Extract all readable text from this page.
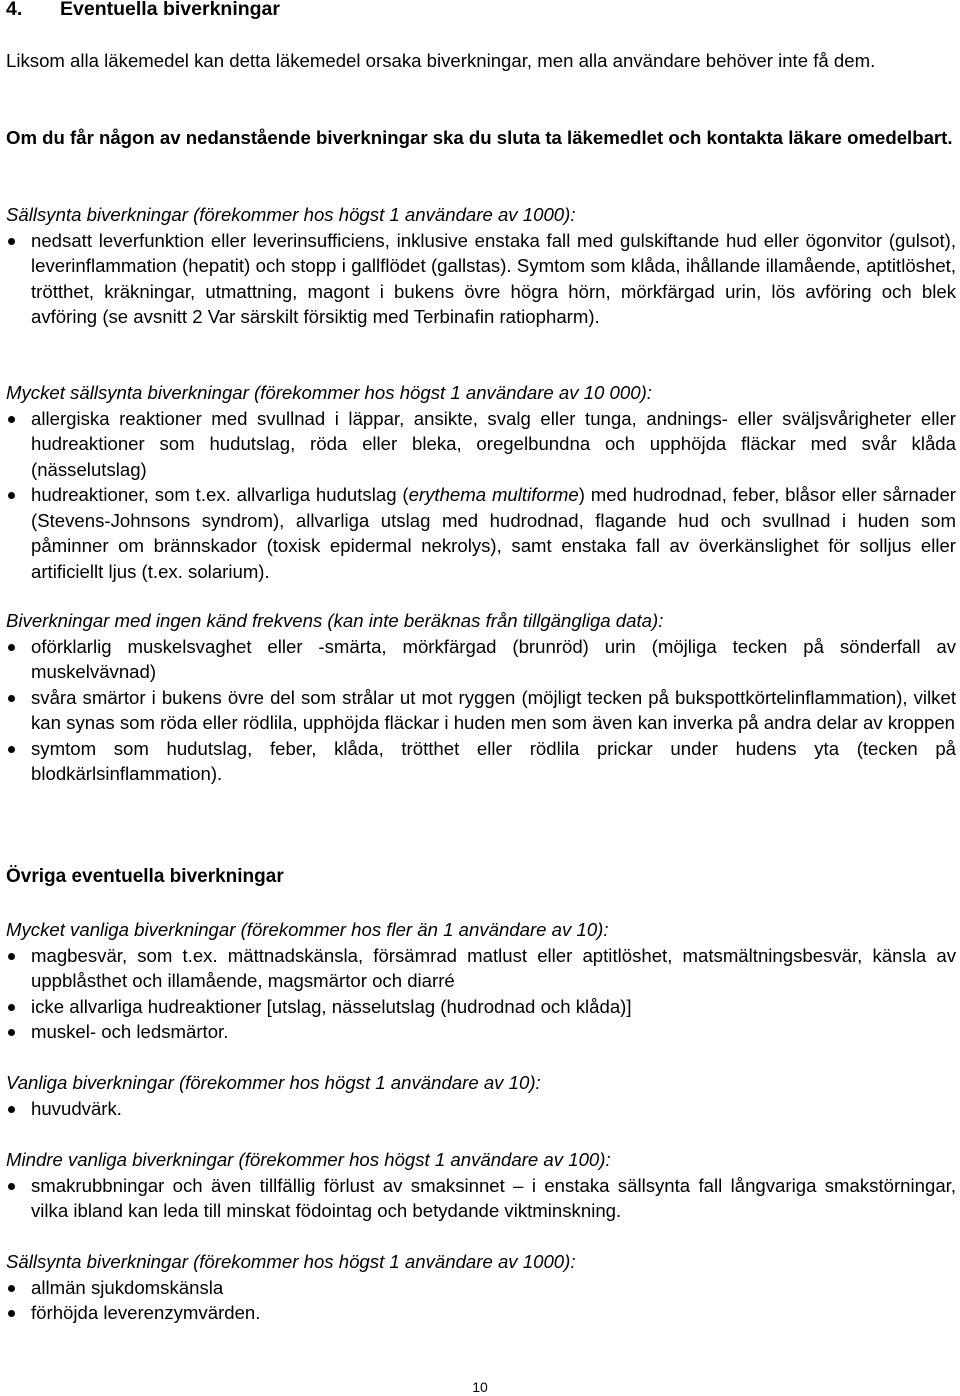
4. Eventuella biverkningar

Liksom alla läkemedel kan detta läkemedel orsaka biverkningar, men alla användare behöver inte få dem.

Om du får någon av nedanstående biverkningar ska du sluta ta läkemedlet och kontakta läkare omedelbart.

Sällsynta biverkningar (förekommer hos högst 1 användare av 1000):

nedsatt leverfunktion eller leverinsufficiens, inklusive enstaka fall med gulskiftande hud eller ögonvitor (gulsot), leverinflammation (hepatit) och stopp i gallflödet (gallstas). Symtom som klåda, ihållande illamående, aptitlöshet, trötthet, kräkningar, utmattning, magont i bukens övre högra hörn, mörkfärgad urin, lös avföring och blek avföring (se avsnitt 2 Var särskilt försiktig med Terbinafin ratiopharm).

Mycket sällsynta biverkningar (förekommer hos högst 1 användare av 10 000):

allergiska reaktioner med svullnad i läppar, ansikte, svalg eller tunga, andnings- eller sväljsvårigheter eller hudreaktioner som hudutslag, röda eller bleka, oregelbundna och upphöjda fläckar med svår klåda (nässelutslag)
hudreaktioner, som t.ex. allvarliga hudutslag (erythema multiforme) med hudrodnad, feber, blåsor eller sårnader (Stevens-Johnsons syndrom), allvarliga utslag med hudrodnad, flagande hud och svullnad i huden som påminner om brännskador (toxisk epidermal nekrolys), samt enstaka fall av överkänslighet för solljus eller artificiellt ljus (t.ex. solarium).

Biverkningar med ingen känd frekvens (kan inte beräknas från tillgängliga data):

oförklarlig muskelsvaghet eller -smärta, mörkfärgad (brunröd) urin (möjliga tecken på sönderfall av muskelvävnad)
svåra smärtor i bukens övre del som strålar ut mot ryggen (möjligt tecken på bukspottkörtelinflammation), vilket kan synas som röda eller rödlila, upphöjda fläckar i huden men som även kan inverka på andra delar av kroppen
symtom som hudutslag, feber, klåda, trötthet eller rödlila prickar under hudens yta (tecken på blodkärlsinflammation).
Övriga eventuella biverkningar

Mycket vanliga biverkningar (förekommer hos fler än 1 användare av 10):

magbesvär, som t.ex. mättnadskänsla, försämrad matlust eller aptitlöshet, matsmältningsbesvär, känsla av uppblåsthet och illamående, magsmärtor och diarré
icke allvarliga hudreaktioner [utslag, nässelutslag (hudrodnad och klåda)]
muskel- och ledsmärtor.

Vanliga biverkningar (förekommer hos högst 1 användare av 10):

huvudvärk.

Mindre vanliga biverkningar (förekommer hos högst 1 användare av 100):

smakrubbningar och även tillfällig förlust av smaksinnet – i enstaka sällsynta fall långvariga smakstörningar, vilka ibland kan leda till minskat födointag och betydande viktminskning.

Sällsynta biverkningar (förekommer hos högst 1 användare av 1000):

allmän sjukdomskänsla
förhöjda leverenzymvärden.
10
